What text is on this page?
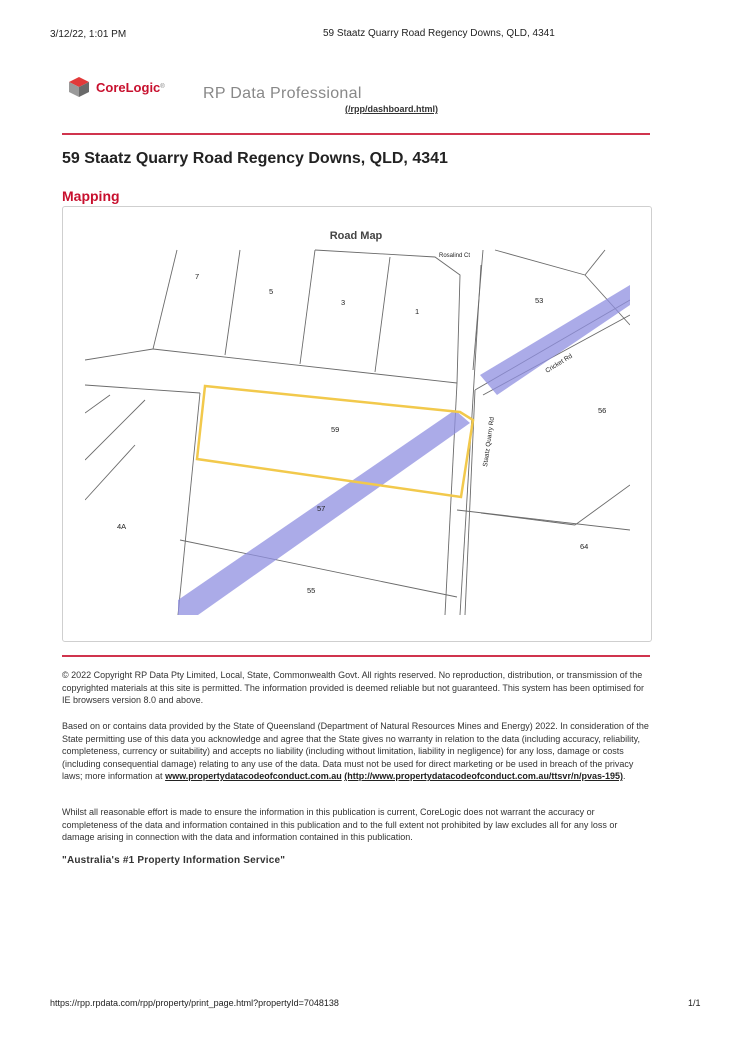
3/12/22, 1:01 PM	59 Staatz Quarry Road Regency Downs, QLD, 4341
CoreLogic ® RP Data Professional
(/rpp/dashboard.html)
59 Staatz Quarry Road Regency Downs, QLD, 4341
Mapping
Road Map
Rosalind Ct
Cricket Rd
Staatz Quarry Rd
7
5
3
1
53
56
59
57
4A
64
55
© 2022 Copyright RP Data Pty Limited, Local, State, Commonwealth Govt. All rights reserved. No reproduction, distribution, or transmission of the copyrighted materials at this site is permitted. The information provided is deemed reliable but not guaranteed. This system has been optimised for IE browsers version 8.0 and above.
Based on or contains data provided by the State of Queensland (Department of Natural Resources Mines and Energy) 2022. In consideration of the State permitting use of this data you acknowledge and agree that the State gives no warranty in relation to the data (including accuracy, reliability, completeness, currency or suitability) and accepts no liability (including without limitation, liability in negligence) for any loss, damage or costs (including consequential damage) relating to any use of the data. Data must not be used for direct marketing or be used in breach of the privacy laws; more information at www.propertydatacodeofconduct.com.au (http://www.propertydatacodeofconduct.com.au/ttsvr/n/pvas-195).
Whilst all reasonable effort is made to ensure the information in this publication is current, CoreLogic does not warrant the accuracy or completeness of the data and information contained in this publication and to the full extent not prohibited by law excludes all for any loss or damage arising in connection with the data and information contained in this publication.
"Australia's #1 Property Information Service"
https://rpp.rpdata.com/rpp/property/print_page.html?propertyId=7048138	1/1
